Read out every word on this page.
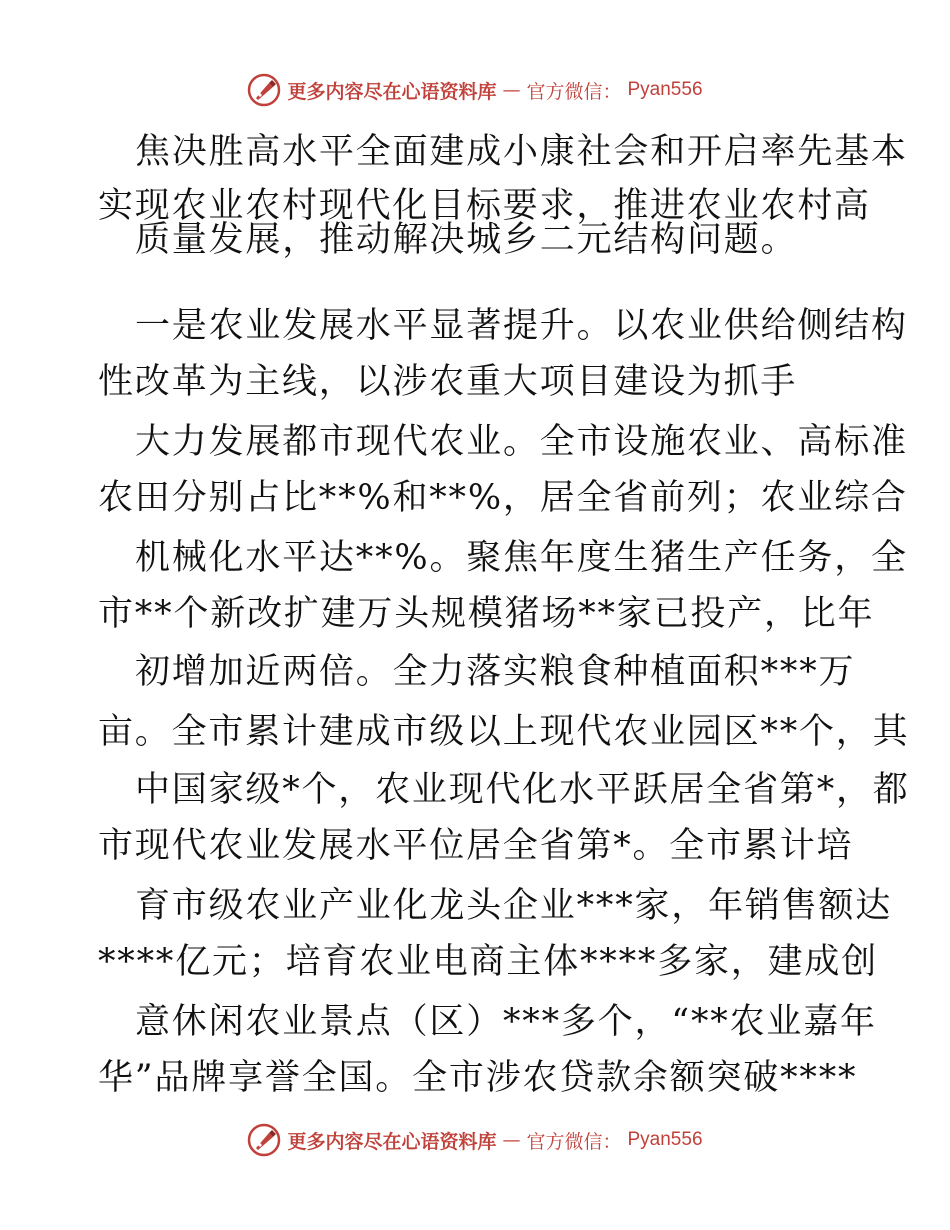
更多内容尽在心语资料库 — 官方微信： Pyan556
焦决胜高水平全面建成小康社会和开启率先基本
实现农业农村现代化目标要求，推进农业农村高
质量发展，推动解决城乡二元结构问题。
一是农业发展水平显著提升。以农业供给侧结构
性改革为主线，以涉农重大项目建设为抓手
大力发展都市现代农业。全市设施农业、高标准
农田分别占比**%和**%，居全省前列；农业综合
机械化水平达**%。聚焦年度生猪生产任务，全
市**个新改扩建万头规模猪场**家已投产，比年
初增加近两倍。全力落实粮食种植面积***万
亩。全市累计建成市级以上现代农业园区**个，其
中国家级*个，农业现代化水平跃居全省第*，都
市现代农业发展水平位居全省第*。全市累计培
育市级农业产业化龙头企业***家，年销售额达
****亿元；培育农业电商主体****多家，建成创
意休闲农业景点（区）***多个，“**农业嘉年
华”品牌享誉全国。全市涉农贷款余额突破****
更多内容尽在心语资料库 — 官方微信： Pyan556
